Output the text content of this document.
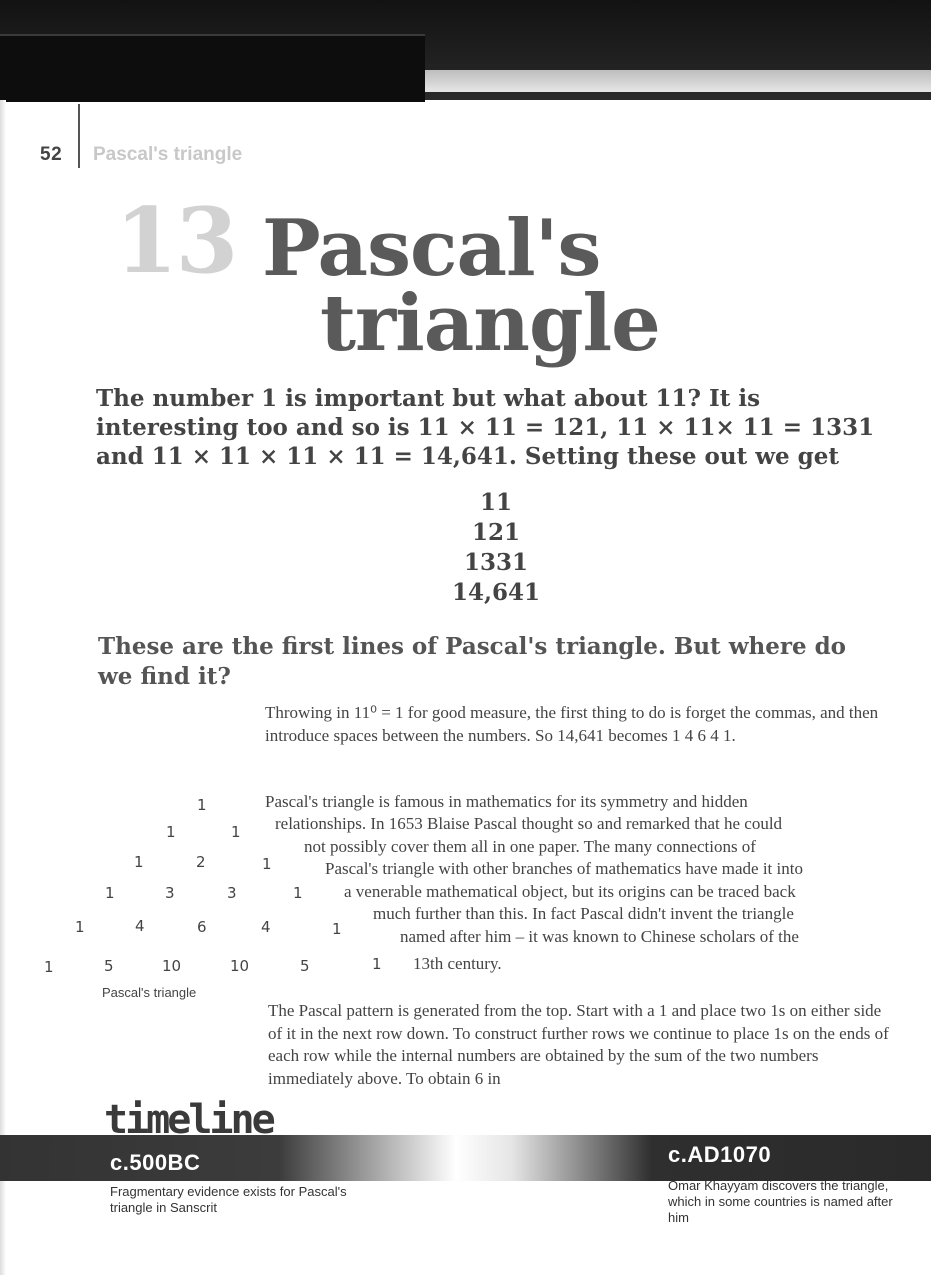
52 Pascal's triangle
13 Pascal's
triangle
The number 1 is important but what about 11? It is interesting too and so is 11 × 11 = 121, 11 × 11× 11 = 1331 and 11 × 11 × 11 × 11 = 14,641. Setting these out we get
11
121
1331
14,641
These are the first lines of Pascal's triangle. But where do we find it?
Throwing in 11⁰ = 1 for good measure, the first thing to do is forget the commas, and then introduce spaces between the numbers. So 14,641 becomes 1 4 6 4 1.
Pascal's triangle is famous in mathematics for its symmetry and hidden
relationships. In 1653 Blaise Pascal thought so and remarked that he could
not possibly cover them all in one paper. The many connections of
Pascal's triangle with other branches of mathematics have made it into
a venerable mathematical object, but its origins can be traced back
much further than this. In fact Pascal didn't invent the triangle
named after him – it was known to Chinese scholars of the
13th century.
1
1	1
1	2	1
1	3	3	1
1	4	6	4	1
1	5	10	10	5	1
Pascal's triangle
The Pascal pattern is generated from the top. Start with a 1 and place two 1s on either side of it in the next row down. To construct further rows we continue to place 1s on the ends of each row while the internal numbers are obtained by the sum of the two numbers immediately above. To obtain 6 in
timeline
c.500BC	c.AD1070
Fragmentary evidence exists for Pascal's triangle in Sanscrit
Omar Khayyam discovers the triangle, which in some countries is named after him
